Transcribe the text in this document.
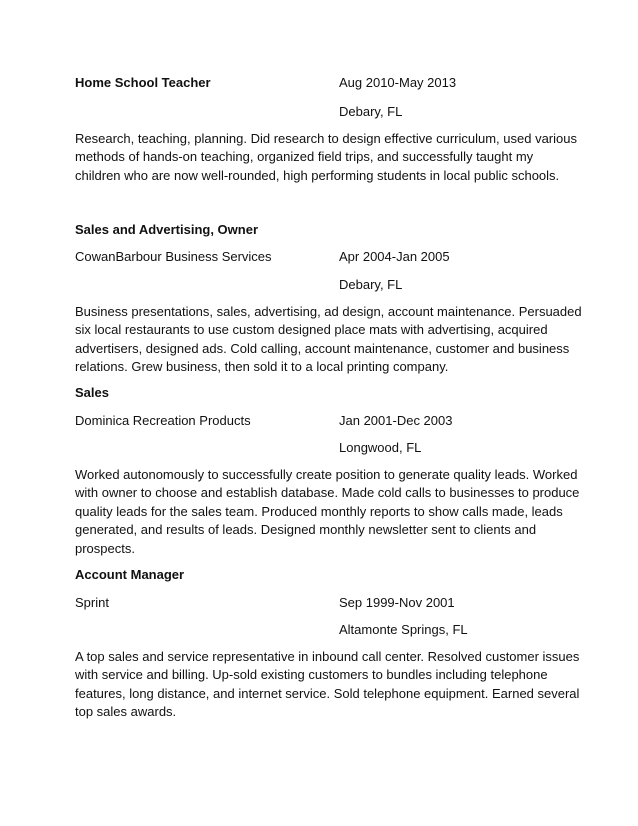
Home School Teacher	Aug 2010-May 2013
Debary, FL
Research, teaching, planning. Did research to design effective curriculum, used various
methods of hands-on teaching, organized field trips, and successfully taught my
children who are now well-rounded, high performing students in local public schools.
Sales and Advertising, Owner
CowanBarbour Business Services	Apr 2004-Jan 2005
Debary, FL
Business presentations, sales, advertising, ad design, account maintenance. Persuaded
six local restaurants to use custom designed place mats with advertising, acquired
advertisers, designed ads. Cold calling, account maintenance, customer and business
relations. Grew business, then sold it to a local printing company.
Sales
Dominica Recreation Products	Jan 2001-Dec 2003
Longwood, FL
Worked autonomously to successfully create position to generate quality leads. Worked
with owner to choose and establish database. Made cold calls to businesses to produce
quality leads for the sales team. Produced monthly reports to show calls made, leads
generated, and results of leads. Designed monthly newsletter sent to clients and
prospects.
Account Manager
Sprint	Sep 1999-Nov 2001
Altamonte Springs, FL
A top sales and service representative in inbound call center. Resolved customer issues
with service and billing. Up-sold existing customers to bundles including telephone
features, long distance, and internet service. Sold telephone equipment. Earned several
top sales awards.
